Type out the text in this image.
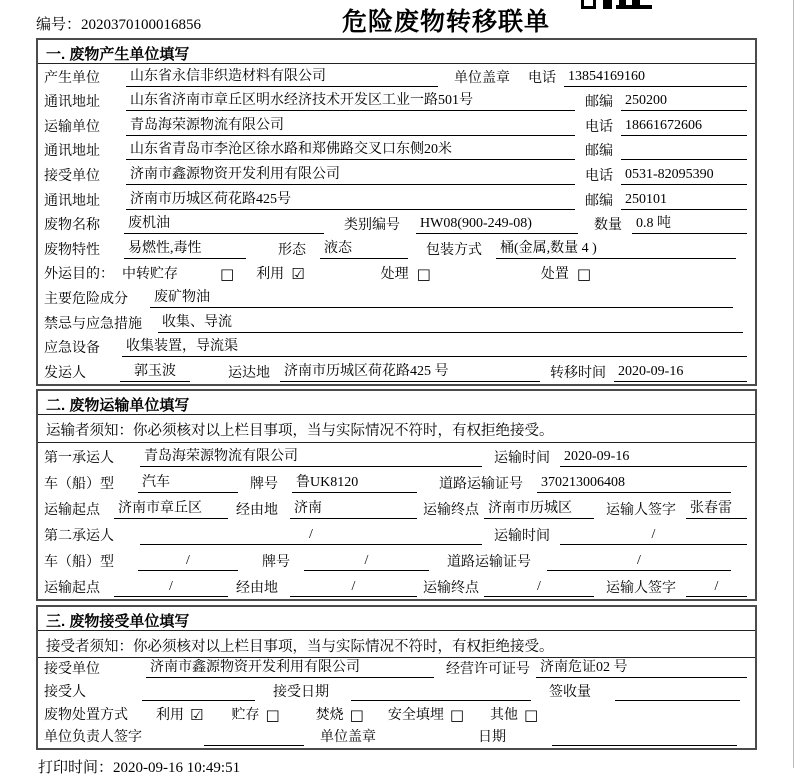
编号：2020370100016856	危险废物转移联单
一. 废物产生单位填写
产生单位	山东省永信非织造材料有限公司	单位盖章 电话 13854169160
通讯地址	山东省济南市章丘区明水经济技术开发区工业一路501号	邮编 250200
运输单位	青岛海荣源物流有限公司	电话 18661672606
通讯地址	山东省青岛市李沧区徐水路和郑佛路交叉口东侧20米	邮编
接受单位	济南市鑫源物资开发利用有限公司	电话 0531-82095390
通讯地址	济南市历城区荷花路425号	邮编 250101
废物名称	废机油	类别编号 HW08(900-249-08)	数量 0.8 吨
废物特性	易燃性,毒性	形态 液态	包装方式 桶(金属,数量 4 )
外运目的： 中转贮存	□ 利用 ☑	处理 □	处置 □
主要危险成分 废矿物油
禁忌与应急措施 收集、导流
应急设备 收集装置，导流渠
发运人	郭玉波	运达地 济南市历城区荷花路425 号	转移时间 2020-09-16
二. 废物运输单位填写
运输者须知：你必须核对以上栏目事项，当与实际情况不符时，有权拒绝接受。
第一承运人	青岛海荣源物流有限公司	运输时间 2020-09-16
车（船）型	汽车	牌号 鲁UK8120	道路运输证号 370213006408
运输起点 济南市章丘区	经由地 济南	运输终点 济南市历城区	运输人签字 张春雷
第二承运人	/	运输时间	/
车（船）型	/	牌号	/	道路运输证号	/
运输起点	/	经由地	/	运输终点	/	运输人签字	/
三. 废物接受单位填写
接受者须知：你必须核对以上栏目事项，当与实际情况不符时，有权拒绝接受。
接受单位	济南市鑫源物资开发利用有限公司	经营许可证号 济南危证02 号
接受人	接受日期	签收量
废物处置方式 利用 ☑ 贮存 □	焚烧 □ 安全填埋 □ 其他 □
单位负责人签字	单位盖章	日期
打印时间：2020-09-16 10:49:51
